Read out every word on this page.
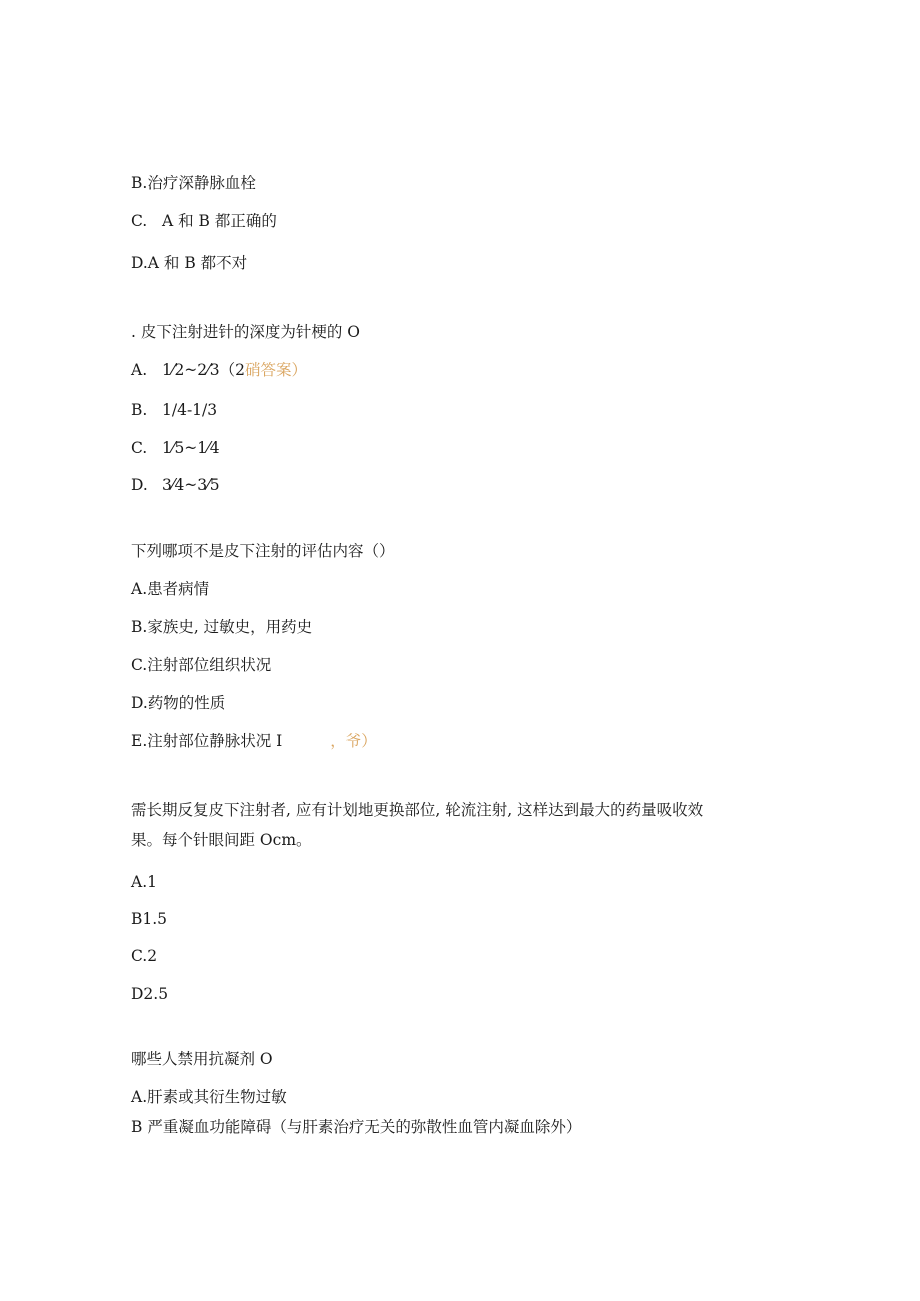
B.治疗深静脉血栓
C. A 和 B 都正确的
D.A 和 B 都不对
. 皮下注射进针的深度为针梗的 O
A. 1⁄2~2⁄3（2硝答案）
B. 1/4-1/3
C. 1⁄5~1⁄4
D. 3⁄4~3⁄5
下列哪项不是皮下注射的评估内容（）
A.患者病情
B.家族史, 过敏史，用药史
C.注射部位组织状况
D.药物的性质
E.注射部位静脉状况 I	，爷）
需长期反复皮下注射者, 应有计划地更换部位, 轮流注射, 这样达到最大的药量吸收效
果。每个针眼间距 Ocm。
A.1
B1.5
C.2
D2.5
哪些人禁用抗凝剂 O
A.肝素或其衍生物过敏
B 严重凝血功能障碍（与肝素治疗无关的弥散性血管内凝血除外）
